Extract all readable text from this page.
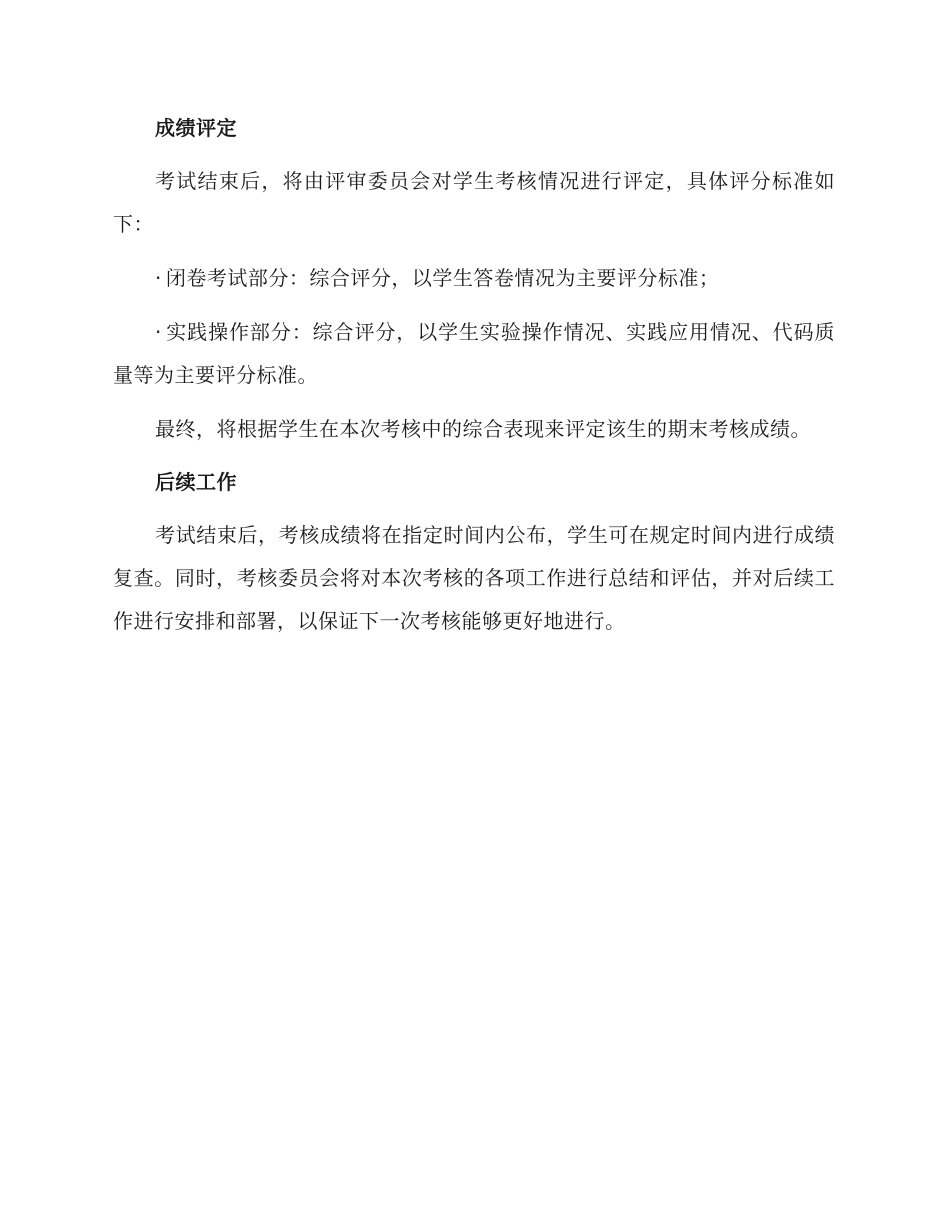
成绩评定

考试结束后，将由评审委员会对学生考核情况进行评定，具体评分标准如下：

· 闭卷考试部分：综合评分，以学生答卷情况为主要评分标准；

· 实践操作部分：综合评分，以学生实验操作情况、实践应用情况、代码质量等为主要评分标准。

最终，将根据学生在本次考核中的综合表现来评定该生的期末考核成绩。

后续工作

考试结束后，考核成绩将在指定时间内公布，学生可在规定时间内进行成绩复查。同时，考核委员会将对本次考核的各项工作进行总结和评估，并对后续工作进行安排和部署，以保证下一次考核能够更好地进行。
